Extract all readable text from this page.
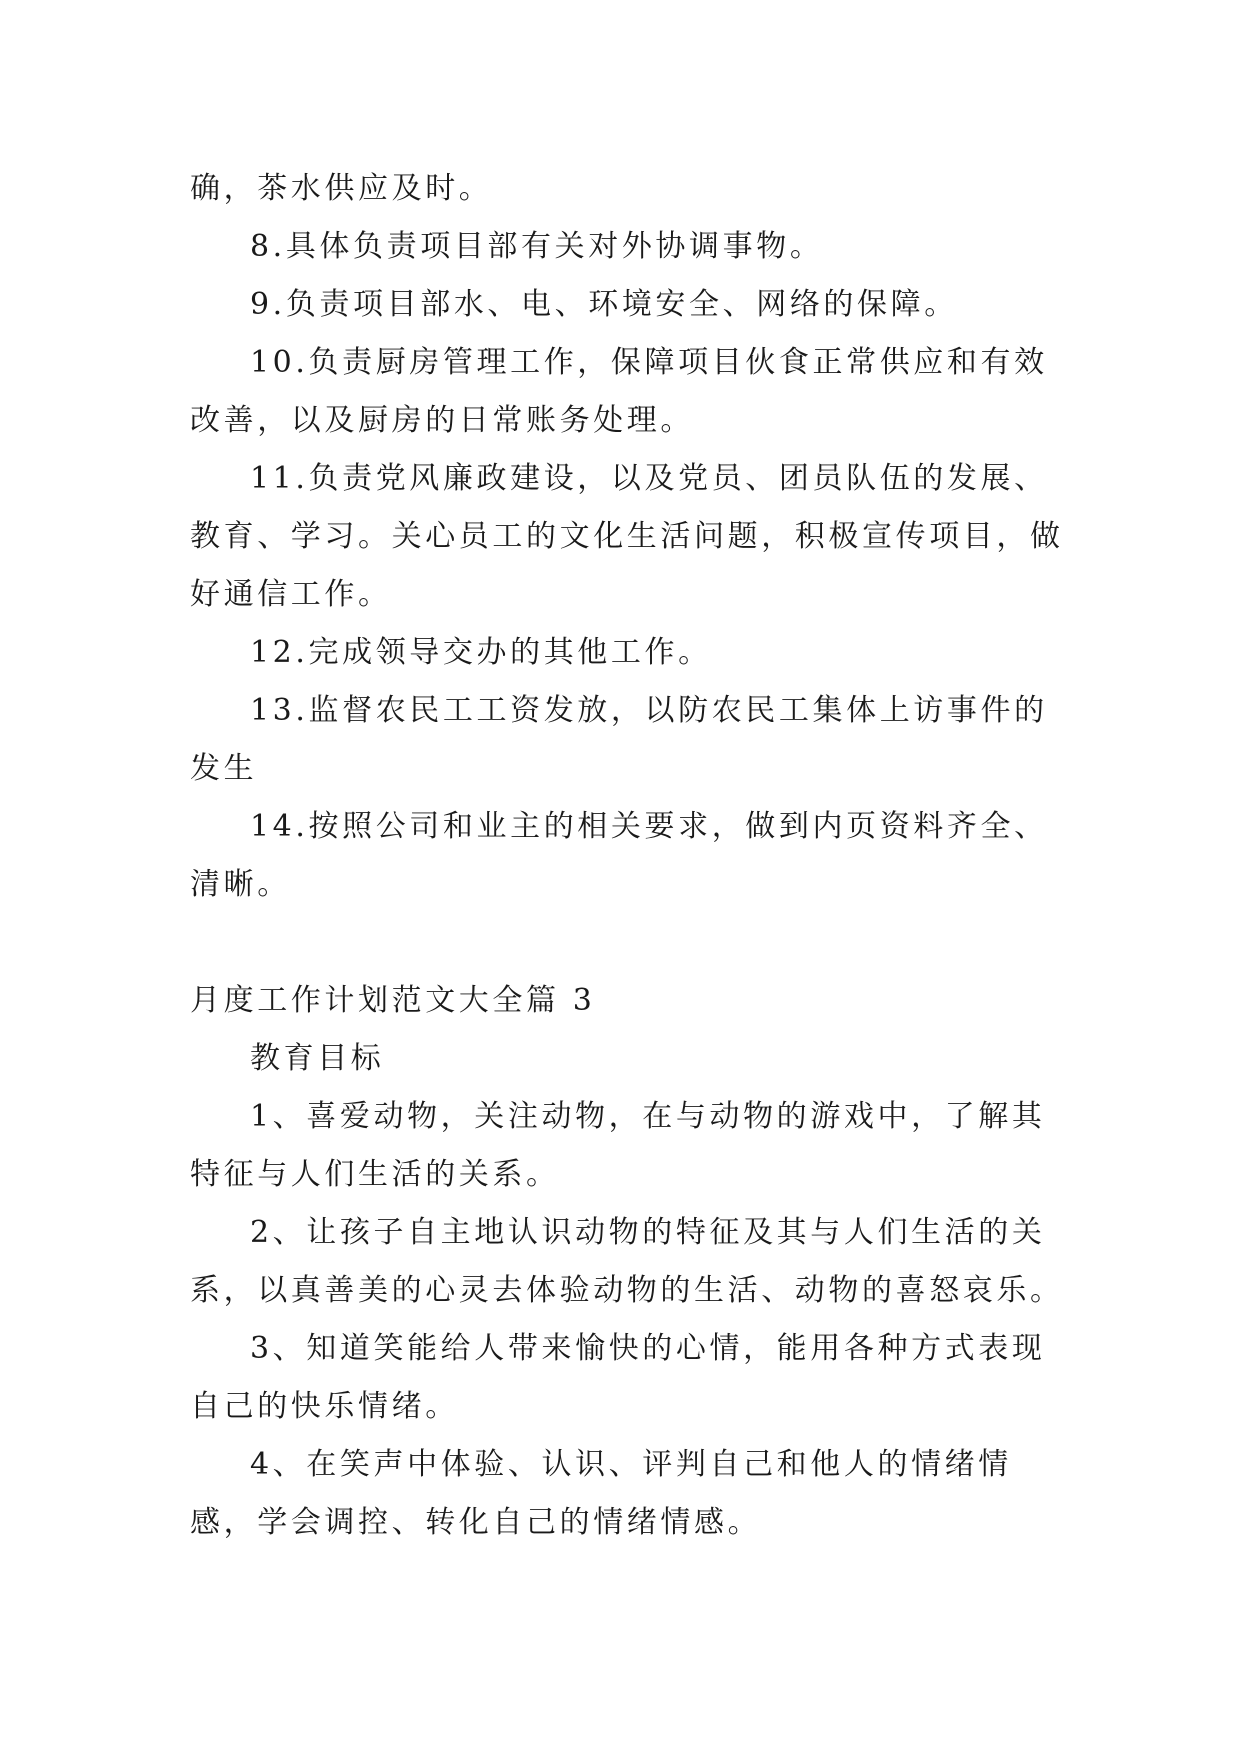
确，茶水供应及时。

8.具体负责项目部有关对外协调事物。

9.负责项目部水、电、环境安全、网络的保障。

10.负责厨房管理工作，保障项目伙食正常供应和有效改善，以及厨房的日常账务处理。

11.负责党风廉政建设，以及党员、团员队伍的发展、教育、学习。关心员工的文化生活问题，积极宣传项目，做好通信工作。

12.完成领导交办的其他工作。

13.监督农民工工资发放，以防农民工集体上访事件的发生

14.按照公司和业主的相关要求，做到内页资料齐全、清晰。

月度工作计划范文大全篇 3

教育目标

1、喜爱动物，关注动物，在与动物的游戏中，了解其特征与人们生活的关系。

2、让孩子自主地认识动物的特征及其与人们生活的关系，以真善美的心灵去体验动物的生活、动物的喜怒哀乐。

3、知道笑能给人带来愉快的心情，能用各种方式表现自己的快乐情绪。

4、在笑声中体验、认识、评判自己和他人的情绪情感，学会调控、转化自己的情绪情感。
